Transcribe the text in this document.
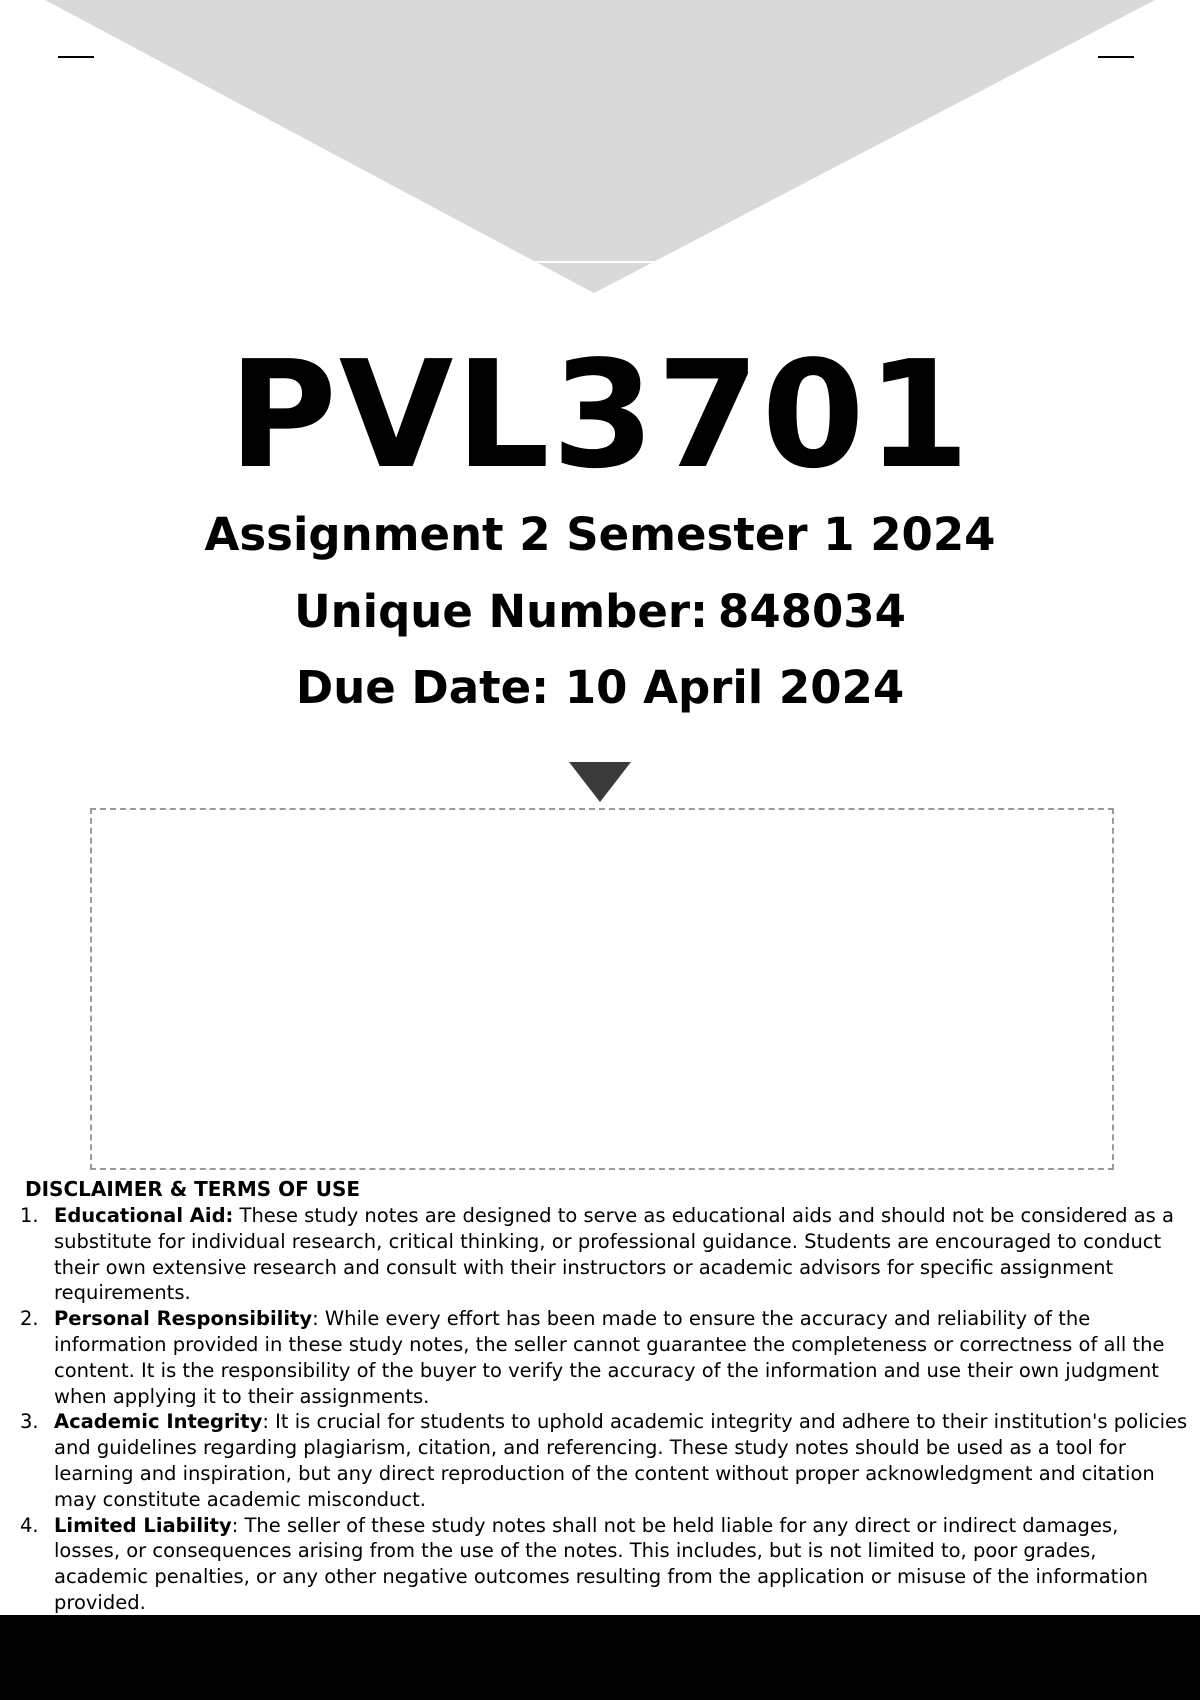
PVL3701
Assignment 2 Semester 1 2024
Unique Number: 848034
Due Date: 10 April 2024
DISCLAIMER & TERMS OF USE
1. Educational Aid: These study notes are designed to serve as educational aids and should not be considered as a substitute for individual research, critical thinking, or professional guidance. Students are encouraged to conduct their own extensive research and consult with their instructors or academic advisors for specific assignment requirements.
2. Personal Responsibility: While every effort has been made to ensure the accuracy and reliability of the information provided in these study notes, the seller cannot guarantee the completeness or correctness of all the content. It is the responsibility of the buyer to verify the accuracy of the information and use their own judgment when applying it to their assignments.
3. Academic Integrity: It is crucial for students to uphold academic integrity and adhere to their institution's policies and guidelines regarding plagiarism, citation, and referencing. These study notes should be used as a tool for learning and inspiration, but any direct reproduction of the content without proper acknowledgment and citation may constitute academic misconduct.
4. Limited Liability: The seller of these study notes shall not be held liable for any direct or indirect damages, losses, or consequences arising from the use of the notes. This includes, but is not limited to, poor grades, academic penalties, or any other negative outcomes resulting from the application or misuse of the information provided.
